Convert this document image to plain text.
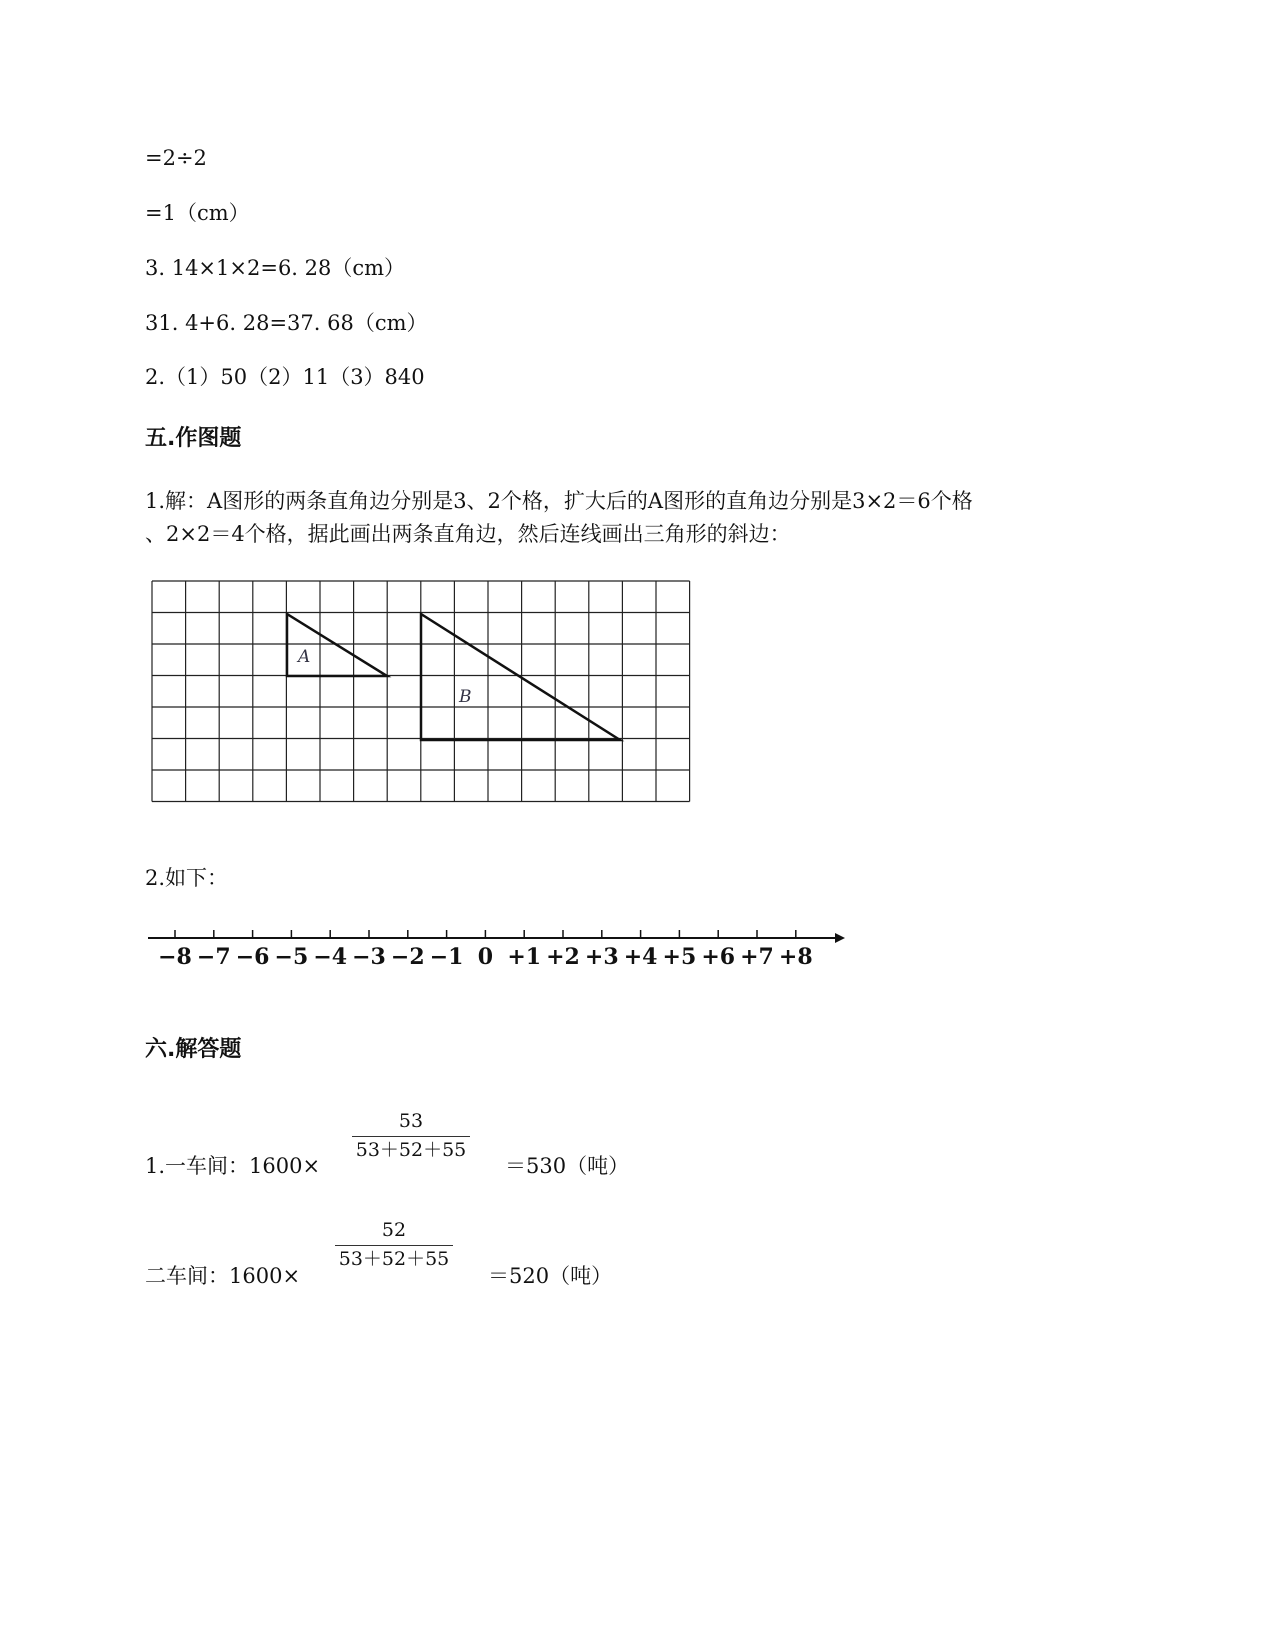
=2÷2
=1（cm）
3. 14×1×2=6. 28（cm）
31. 4+6. 28=37. 68（cm）
2.（1）50（2）11（3）840
五.作图题
1.解：A图形的两条直角边分别是3、2个格，扩大后的A图形的直角边分别是3×2＝6个格
、2×2＝4个格，据此画出两条直角边，然后连线画出三角形的斜边：
A
B
2.如下：
−8 −7 −6 −5 −4 −3 −2 −1 0 +1 +2 +3 +4 +5 +6 +7 +8
六.解答题
1.一车间：1600×
53
53＋52＋55
＝530（吨）
二车间：1600×
52
53＋52＋55
＝520（吨）
